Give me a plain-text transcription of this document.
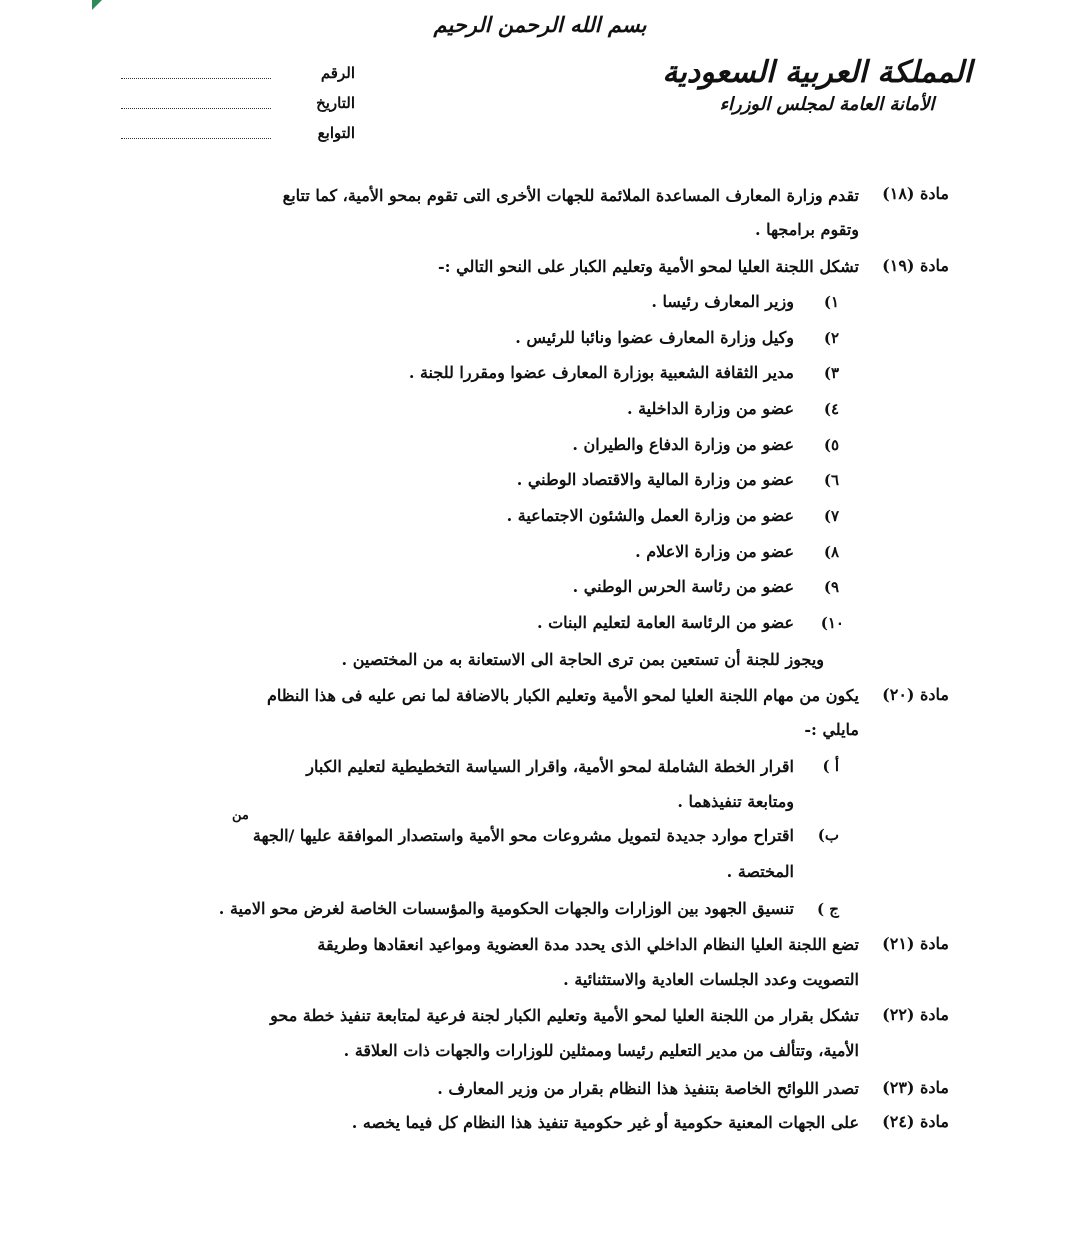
بسم الله الرحمن الرحيم
المملكة العربية السعودية
الأمانة العامة لمجلس الوزراء
الرقم
التاريخ
التوابع
مادة (١٨)
تقدم وزارة المعارف المساعدة الملائمة للجهات الأخرى التى تقوم بمحو الأمية، كما تتابع
وتقوم برامجها .
مادة (١٩)
تشكل اللجنة العليا لمحو الأمية وتعليم الكبار على النحو التالي :-
١)
وزير المعارف رئيسا .
٢)
وكيل وزارة المعارف عضوا ونائبا للرئيس .
٣)
مدير الثقافة الشعبية بوزارة المعارف عضوا ومقررا للجنة .
٤)
عضو من وزارة الداخلية .
٥)
عضو من وزارة الدفاع والطيران .
٦)
عضو من وزارة المالية والاقتصاد الوطني .
٧)
عضو من وزارة العمل والشئون الاجتماعية .
٨)
عضو من وزارة الاعلام .
٩)
عضو من رئاسة الحرس الوطني .
١٠)
عضو من الرئاسة العامة لتعليم البنات .
ويجوز للجنة أن تستعين بمن ترى الحاجة الى الاستعانة به من المختصين .
مادة (٢٠)
يكون من مهام اللجنة العليا لمحو الأمية وتعليم الكبار بالاضافة لما نص عليه فى هذا النظام
مايلي :-
أ )
اقرار الخطة الشاملة لمحو الأمية، واقرار السياسة التخطيطية لتعليم الكبار
ومتابعة تنفيذهما .
ب)
من
اقتراح موارد جديدة لتمويل مشروعات محو الأمية واستصدار الموافقة عليها /الجهة
المختصة .
ج )
تنسيق الجهود بين الوزارات والجهات الحكومية والمؤسسات الخاصة لغرض محو الامية .
مادة (٢١)
تضع اللجنة العليا النظام الداخلي الذى يحدد مدة العضوية ومواعيد انعقادها وطريقة
التصويت وعدد الجلسات العادية والاستثنائية .
مادة (٢٢)
تشكل بقرار من اللجنة العليا لمحو الأمية وتعليم الكبار لجنة فرعية لمتابعة تنفيذ خطة محو
الأمية، وتتألف من مدير التعليم رئيسا وممثلين للوزارات والجهات ذات العلاقة .
مادة (٢٣)
تصدر اللوائح الخاصة بتنفيذ هذا النظام بقرار من وزير المعارف .
مادة (٢٤)
على الجهات المعنية حكومية أو غير حكومية تنفيذ هذا النظام كل فيما يخصه .
